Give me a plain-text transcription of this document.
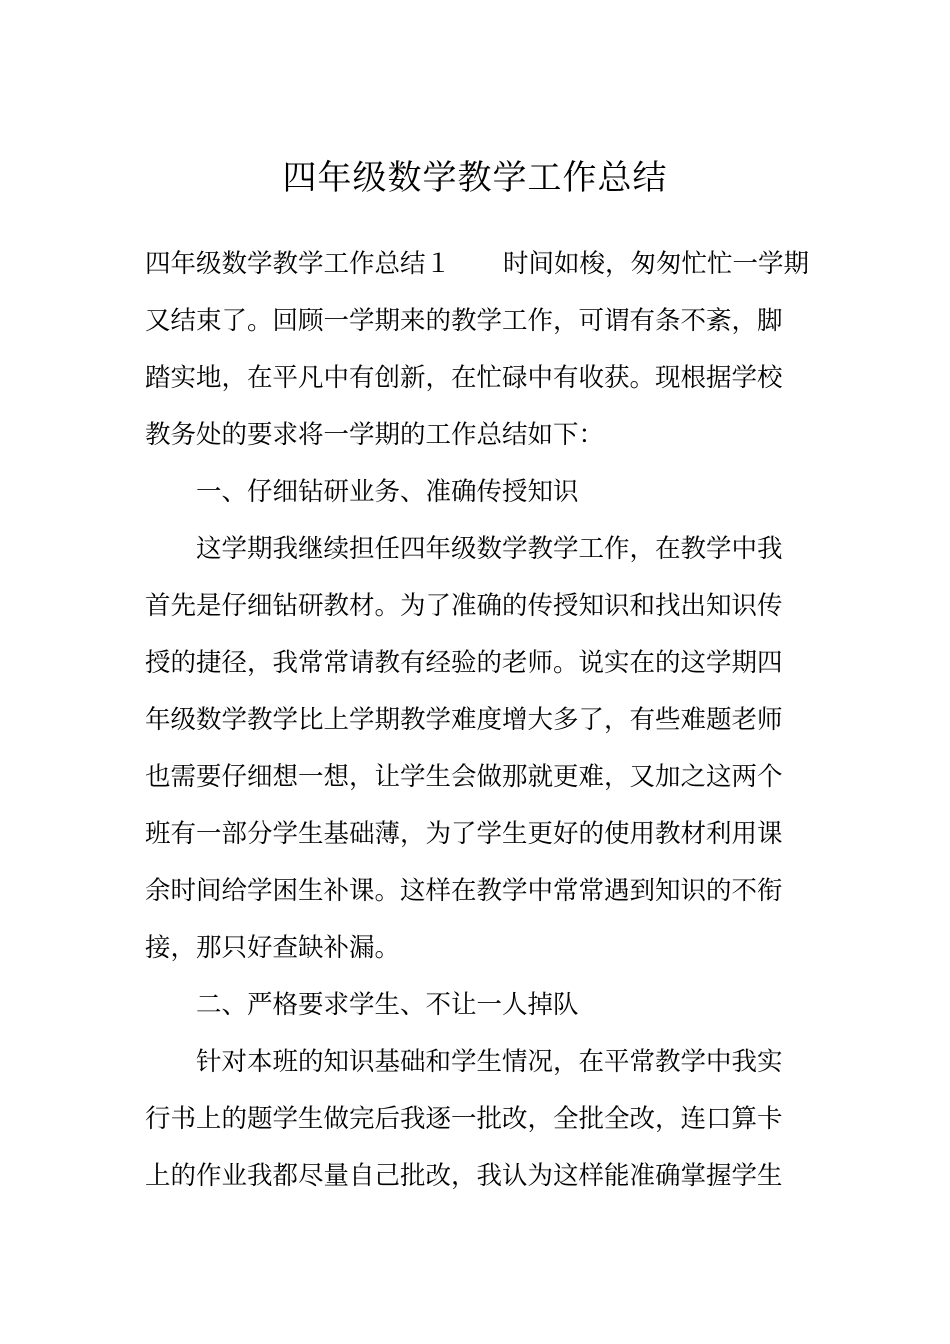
四年级数学教学工作总结
四年级数学教学工作总结１ 时间如梭，匆匆忙忙一学期
又结束了。回顾一学期来的教学工作，可谓有条不紊，脚
踏实地，在平凡中有创新，在忙碌中有收获。现根据学校
教务处的要求将一学期的工作总结如下：
一、仔细钻研业务、准确传授知识
这学期我继续担任四年级数学教学工作，在教学中我
首先是仔细钻研教材。为了准确的传授知识和找出知识传
授的捷径，我常常请教有经验的老师。说实在的这学期四
年级数学教学比上学期教学难度增大多了，有些难题老师
也需要仔细想一想，让学生会做那就更难，又加之这两个
班有一部分学生基础薄，为了学生更好的使用教材利用课
余时间给学困生补课。这样在教学中常常遇到知识的不衔
接，那只好查缺补漏。
二、严格要求学生、不让一人掉队
针对本班的知识基础和学生情况，在平常教学中我实
行书上的题学生做完后我逐一批改，全批全改，连口算卡
上的作业我都尽量自己批改，我认为这样能准确掌握学生
